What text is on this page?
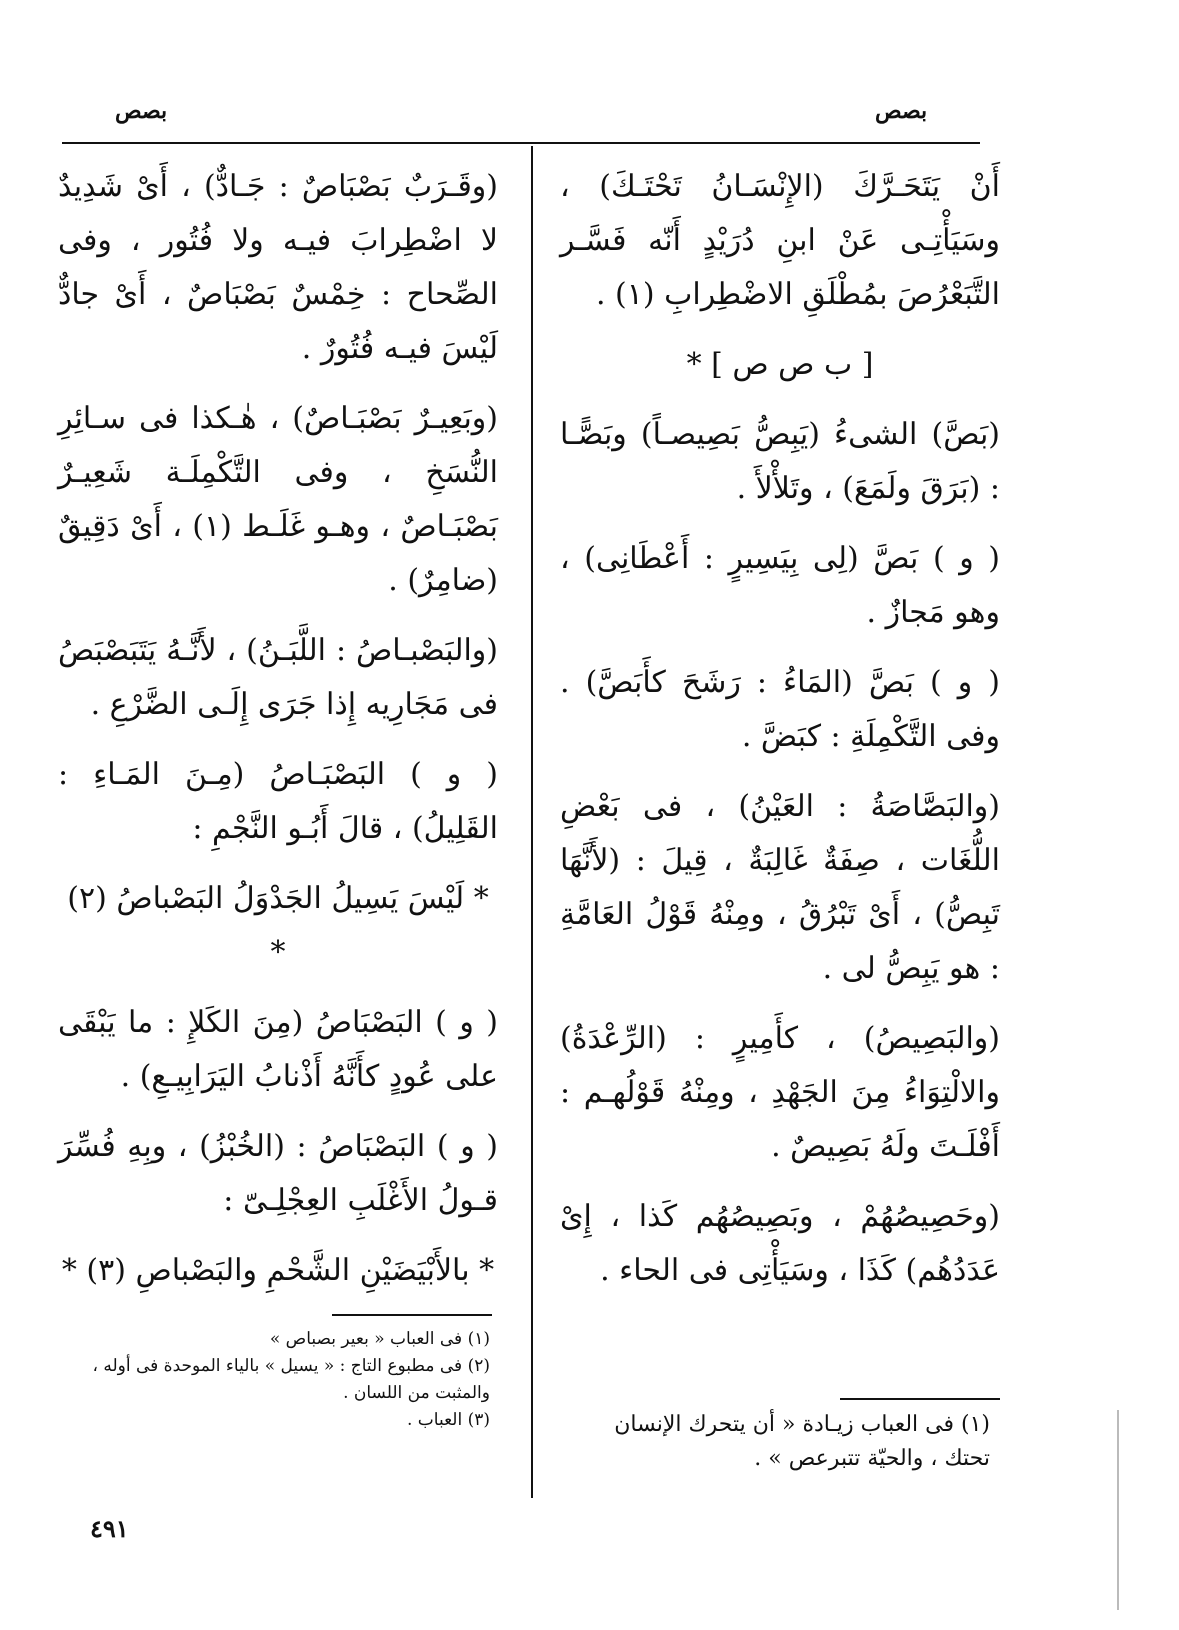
بصص	بصص

أَنْ يَتَحَـرَّكَ (الإِنْسَـانُ تَحْتَـكَ) ، وسَيَأْتِـى عَنْ ابنِ دُرَيْدٍ أَنّه فَسَّـر التَّبَعْرُصَ بمُطْلَقِ الاضْطِرابِ (١) .

[ ب ص ص ] *

(بَصَّ) الشىءُ (يَبِصُّ بَصِيصـاً) وبَصًّـا : (بَرَقَ ولَمَعَ) ، وتَلأْلأَ .

( و ) بَصَّ (لِى بِيَسِيرٍ : أَعْطَانِى) ، وهو مَجازٌ .

( و ) بَصَّ (المَاءُ : رَشَحَ كأَبَصَّ) . وفى التَّكْمِلَةِ : كبَضَّ .

(والبَصَّاصَةُ : العَيْنُ) ، فى بَعْضِ اللُّغَات ، صِفَةٌ غَالِبَةٌ ، قِيلَ : (لأَنَّهَا تَبِصُّ) ، أَىْ تَبْرُقُ ، ومِنْهُ قَوْلُ العَامَّةِ : هو يَبِصُّ لى .

(والبَصِيصُ) ، كأَمِيرٍ : (الرِّعْدَةُ) والالْتِوَاءُ مِنَ الجَهْدِ ، ومِنْهُ قَوْلُهـم : أَفْلَـتَ ولَهُ بَصِيصٌ .

(وحَصِيصُهُمْ ، وبَصِيصُهُم كَذا ، إِىْ عَدَدُهُم) كَذَا ، وسَيَأْتِى فى الحاء .

(وقَـرَبٌ بَصْبَاصٌ : جَـادٌّ) ، أَىْ شَدِيدٌ لا اضْطِرابَ فيـه ولا فُتُور ، وفى الصِّحاح : خِمْسٌ بَصْبَاصٌ ، أَىْ جادٌّ لَيْسَ فيـه فُتُورٌ .

(وبَعِيـرٌ بَصْبَـاصٌ) ، هٰـكذا فى سـائِرِ النُّسَخِ ، وفى التَّكْمِلَـة شَعِيـرٌ بَصْبَـاصٌ ، وهـو غَلَـط (١) ، أَىْ دَقِيقٌ (ضامِرٌ) .

(والبَصْبـاصُ : اللَّبَـنُ) ، لأَنَّـهُ يَتَبَصْبَصُ فى مَجَارِيه إِذا جَرَى إِلَـى الضَّرْعِ .

( و ) البَصْبَـاصُ (مِـنَ المَـاءِ : القَلِيلُ) ، قالَ أَبُـو النَّجْمِ :

* لَيْسَ يَسِيلُ الجَدْوَلُ البَصْباصُ (٢) *

( و ) البَصْبَاصُ (مِنَ الكَلإِ : ما يَبْقَى على عُودٍ كأَنَّهُ أَذْنابُ اليَرَابِيـعِ) .

( و ) البَصْبَاصُ : (الخُبْزُ) ، وبِهِ فُسِّرَ قـولُ الأَغْلَبِ العِجْلِـىّ :

* بالأَبْيَضَيْنِ الشَّحْمِ والبَصْباصِ (٣) *

(١) فى العباب « بعير بصباص »

(٢) فى مطبوع التاج : « يسيل » بالياء الموحدة فى أوله ، والمثبت من اللسان .

(٣) العباب .	(١) فى العباب زيـادة « أن يتحرك الإنسان تحتك ، والحيّة تتبرعص » .

٤٩١
